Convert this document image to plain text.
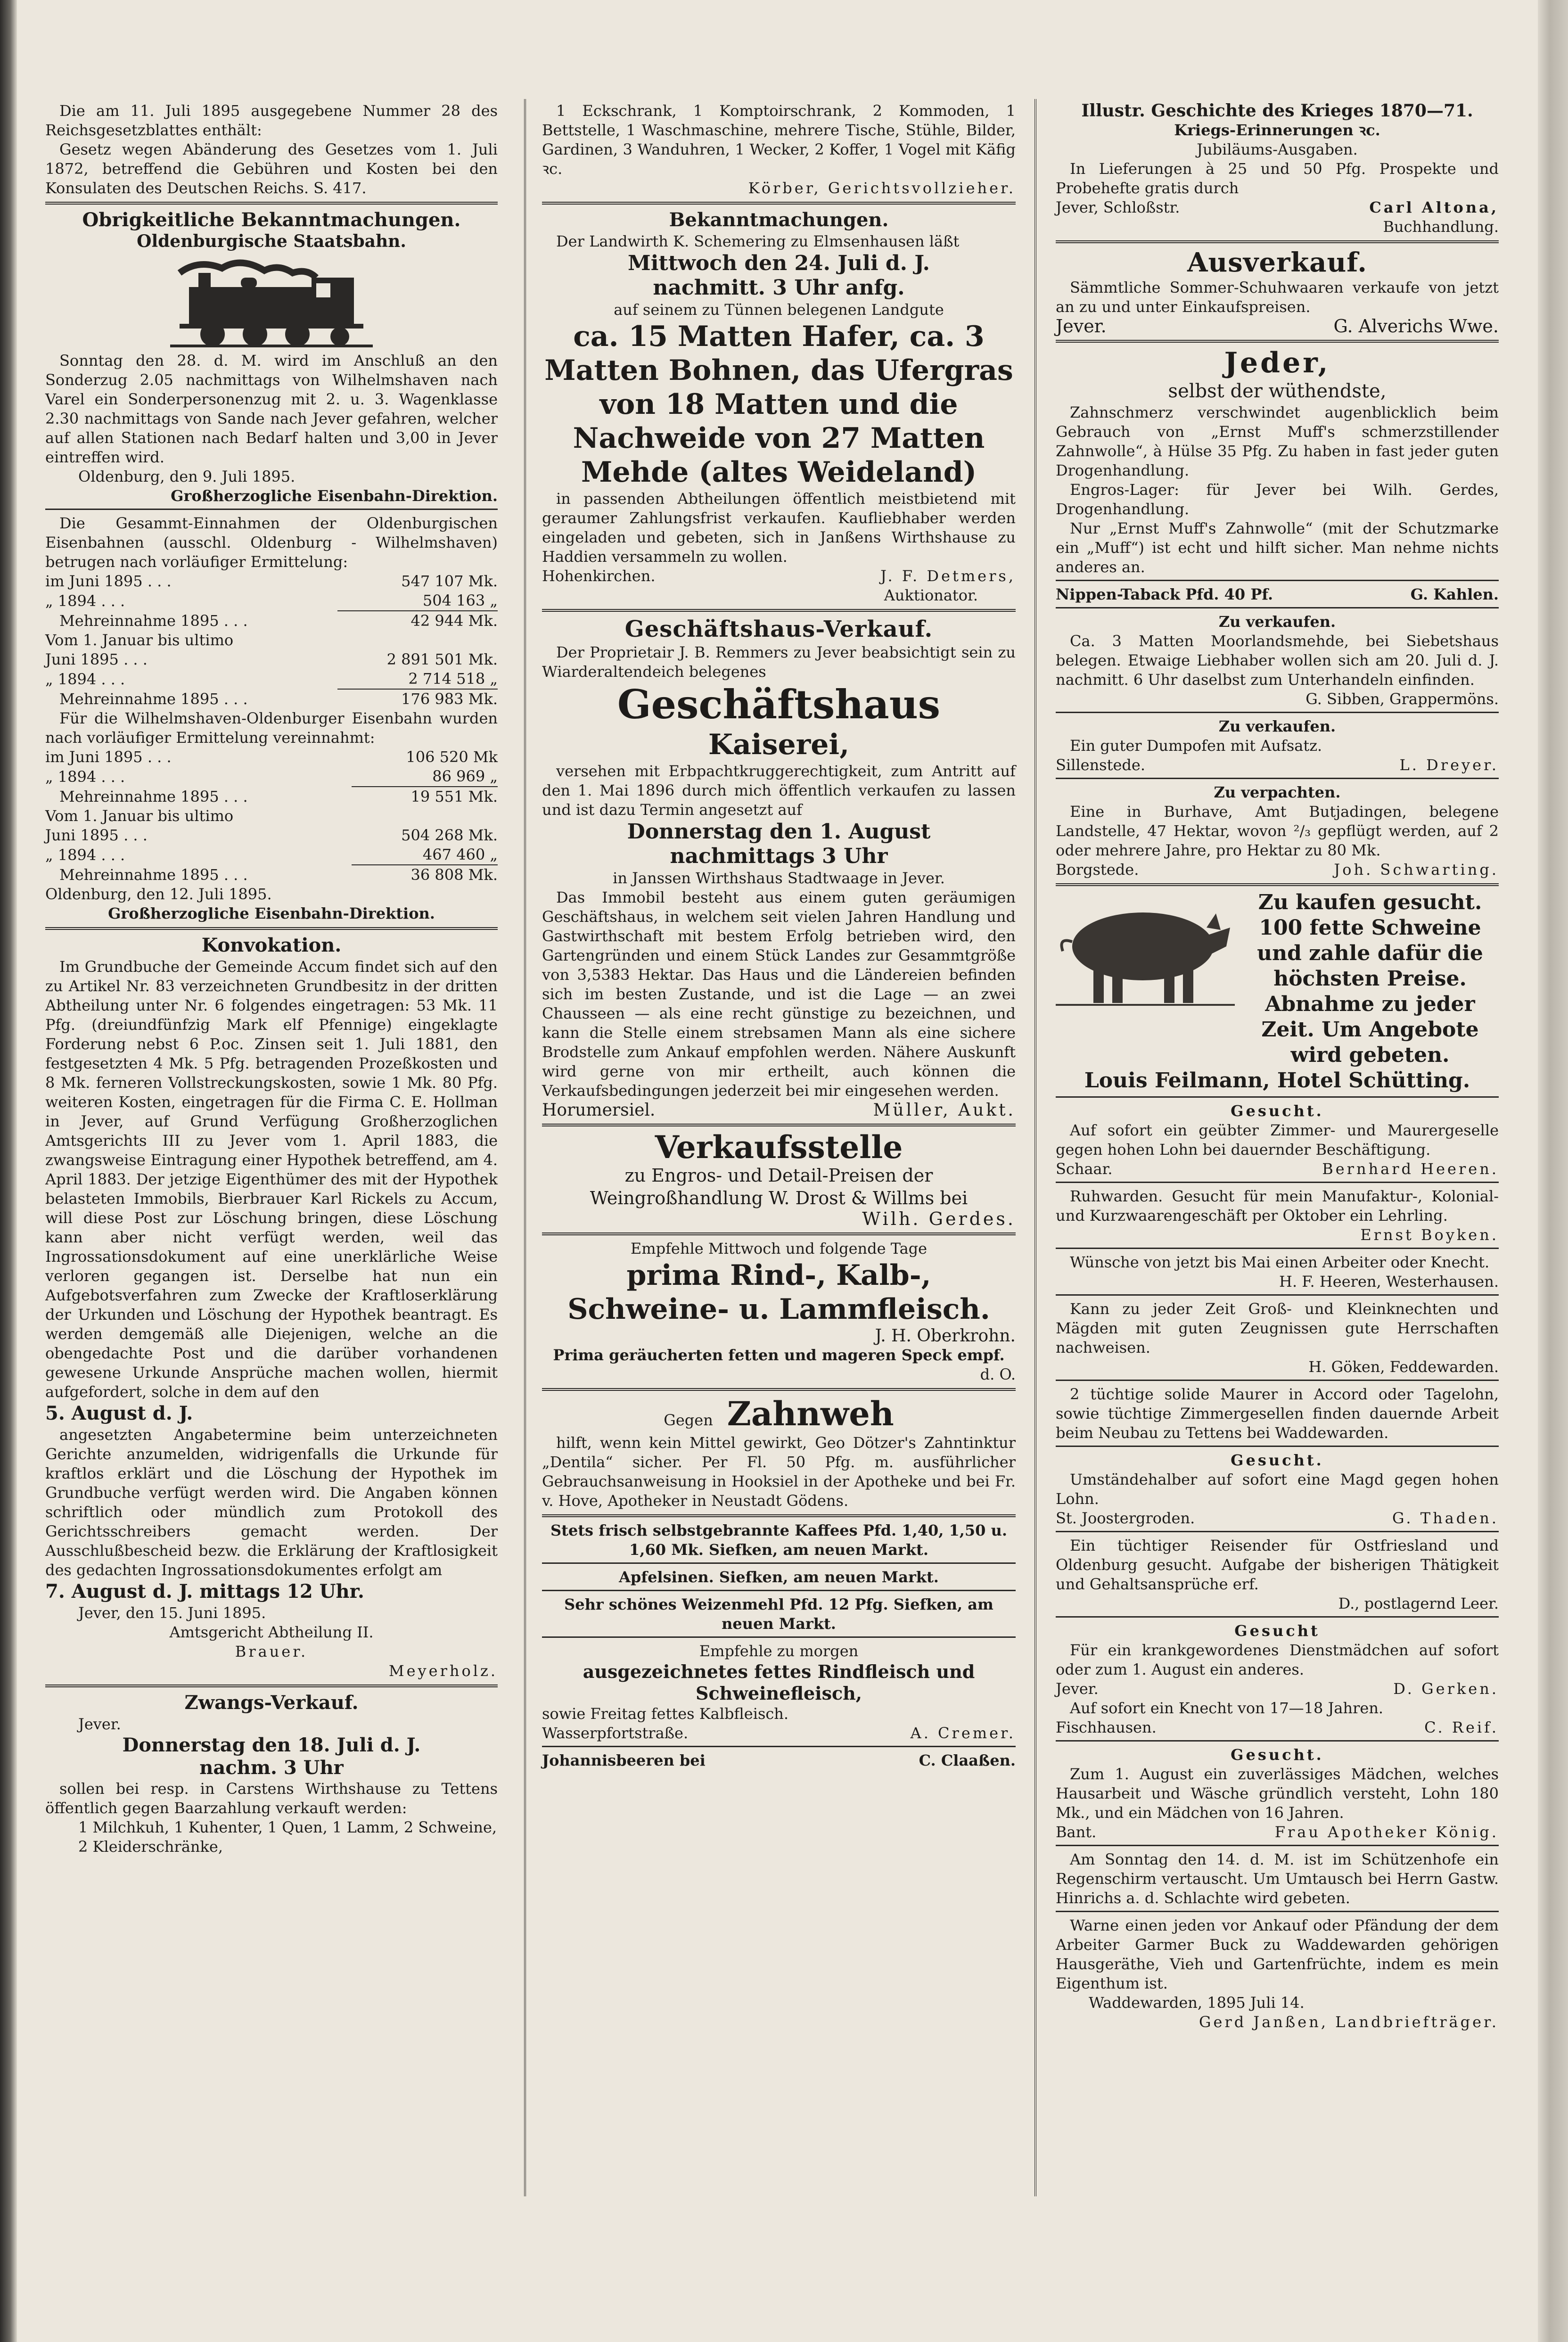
Die am 11. Juli 1895 ausgegebene Nummer 28 des Reichsgesetzblattes enthält:

Gesetz wegen Abänderung des Gesetzes vom 1. Juli 1872, betreffend die Gebühren und Kosten bei den Konsulaten des Deutschen Reichs. S. 417.

Obrigkeitliche Bekanntmachungen.

Oldenburgische Staatsbahn.

Sonntag den 28. d. M. wird im Anschluß an den Sonderzug 2.05 nachmittags von Wilhelmshaven nach Varel ein Sonderpersonenzug mit 2. u. 3. Wagenklasse 2.30 nachmittags von Sande nach Jever gefahren, welcher auf allen Stationen nach Bedarf halten und 3,00 in Jever eintreffen wird.

Oldenburg, den 9. Juli 1895.

Großherzogliche Eisenbahn-Direktion.

Die Gesammt-Einnahmen der Oldenburgischen Eisenbahnen (ausschl. Oldenburg - Wilhelmshaven) betrugen nach vorläufiger Ermittelung:

im Juni 1895 . . .	547 107 Mk.
„ 1894 . . .	504 163 „
Mehreinnahme 1895 . . .	42 944 Mk.
Vom 1. Januar bis ultimo	
Juni 1895 . . .	2 891 501 Mk.
„ 1894 . . .	2 714 518 „
Mehreinnahme 1895 . . .	176 983 Mk.

Für die Wilhelmshaven-Oldenburger Eisenbahn wurden nach vorläufiger Ermittelung vereinnahmt:

im Juni 1895 . . .	106 520 Mk
„ 1894 . . .	86 969 „
Mehreinnahme 1895 . . .	19 551 Mk.
Vom 1. Januar bis ultimo	
Juni 1895 . . .	504 268 Mk.
„ 1894 . . .	467 460 „
Mehreinnahme 1895 . . .	36 808 Mk.

Oldenburg, den 12. Juli 1895.

Großherzogliche Eisenbahn-Direktion.

Konvokation.

Im Grundbuche der Gemeinde Accum findet sich auf den zu Artikel Nr. 83 verzeichneten Grundbesitz in der dritten Abtheilung unter Nr. 6 folgendes eingetragen: 53 Mk. 11 Pfg. (dreiundfünfzig Mark elf Pfennige) eingeklagte Forderung nebst 6 P.oc. Zinsen seit 1. Juli 1881, den festgesetzten 4 Mk. 5 Pfg. betragenden Prozeßkosten und 8 Mk. ferneren Vollstreckungskosten, sowie 1 Mk. 80 Pfg. weiteren Kosten, eingetragen für die Firma C. E. Hollman in Jever, auf Grund Verfügung Großherzoglichen Amtsgerichts III zu Jever vom 1. April 1883, die zwangsweise Eintragung einer Hypothek betreffend, am 4. April 1883. Der jetzige Eigenthümer des mit der Hypothek belasteten Immobils, Bierbrauer Karl Rickels zu Accum, will diese Post zur Löschung bringen, diese Löschung kann aber nicht verfügt werden, weil das Ingrossationsdokument auf eine unerklärliche Weise verloren gegangen ist. Derselbe hat nun ein Aufgebotsverfahren zum Zwecke der Kraftloserklärung der Urkunden und Löschung der Hypothek beantragt. Es werden demgemäß alle Diejenigen, welche an die obengedachte Post und die darüber vorhandenen gewesene Urkunde Ansprüche machen wollen, hiermit aufgefordert, solche in dem auf den

5. August d. J.

angesetzten Angabetermine beim unterzeichneten Gerichte anzumelden, widrigenfalls die Urkunde für kraftlos erklärt und die Löschung der Hypothek im Grundbuche verfügt werden wird. Die Angaben können schriftlich oder mündlich zum Protokoll des Gerichtsschreibers gemacht werden. Der Ausschlußbescheid bezw. die Erklärung der Kraftlosigkeit des gedachten Ingrossationsdokumentes erfolgt am

7. August d. J. mittags 12 Uhr.

Jever, den 15. Juni 1895.

Amtsgericht Abtheilung II.

Brauer.

Meyerholz.

Zwangs-Verkauf.

Jever.

Donnerstag den 18. Juli d. J.

nachm. 3 Uhr

sollen bei resp. in Carstens Wirthshause zu Tettens öffentlich gegen Baarzahlung verkauft werden:

1 Milchkuh, 1 Kuhenter, 1 Quen, 1 Lamm, 2 Schweine, 2 Kleiderschränke,

1 Eckschrank, 1 Komptoirschrank, 2 Kommoden, 1 Bettstelle, 1 Waschmaschine, mehrere Tische, Stühle, Bilder, Gardinen, 3 Wanduhren, 1 Wecker, 2 Koffer, 1 Vogel mit Käfig ꝛc.

Körber, Gerichtsvollzieher.

Bekanntmachungen.

Der Landwirth K. Schemering zu Elmsenhausen läßt

Mittwoch den 24. Juli d. J.

nachmitt. 3 Uhr anfg.

auf seinem zu Tünnen belegenen Landgute

ca. 15 Matten Hafer, ca. 3 Matten Bohnen, das Ufergras von 18 Matten und die Nachweide von 27 Matten Mehde (altes Weideland)

in passenden Abtheilungen öffentlich meistbietend mit geraumer Zahlungsfrist verkaufen. Kaufliebhaber werden eingeladen und gebeten, sich in Janßens Wirthshause zu Haddien versammeln zu wollen.

Hohenkirchen.	J. F. Detmers,

Auktionator.

Geschäftshaus-Verkauf.

Der Proprietair J. B. Remmers zu Jever beabsichtigt sein zu Wiarderaltendeich belegenes

Geschäftshaus

Kaiserei,

versehen mit Erbpachtkruggerechtigkeit, zum Antritt auf den 1. Mai 1896 durch mich öffentlich verkaufen zu lassen und ist dazu Termin angesetzt auf

Donnerstag den 1. August

nachmittags 3 Uhr

in Janssen Wirthshaus Stadtwaage in Jever.

Das Immobil besteht aus einem guten geräumigen Geschäftshaus, in welchem seit vielen Jahren Handlung und Gastwirthschaft mit bestem Erfolg betrieben wird, den Gartengründen und einem Stück Landes zur Gesammtgröße von 3,5383 Hektar. Das Haus und die Ländereien befinden sich im besten Zustande, und ist die Lage — an zwei Chausseen — als eine recht günstige zu bezeichnen, und kann die Stelle einem strebsamen Mann als eine sichere Brodstelle zum Ankauf empfohlen werden. Nähere Auskunft wird gerne von mir ertheilt, auch können die Verkaufsbedingungen jederzeit bei mir eingesehen werden.

Horumersiel.	Müller, Aukt.

Verkaufsstelle

zu Engros- und Detail-Preisen der Weingroßhandlung W. Drost & Willms bei

Wilh. Gerdes.

Empfehle Mittwoch und folgende Tage

prima Rind-, Kalb-, Schweine- u. Lammfleisch.

J. H. Oberkrohn.

Prima geräucherten fetten und mageren Speck empf.

d. O.

Gegen Zahnweh

hilft, wenn kein Mittel gewirkt, Geo Dötzer's Zahntinktur „Dentila“ sicher. Per Fl. 50 Pfg. m. ausführlicher Gebrauchsanweisung in Hooksiel in der Apotheke und bei Fr. v. Hove, Apotheker in Neustadt Gödens.

Stets frisch selbstgebrannte Kaffees Pfd. 1,40, 1,50 u. 1,60 Mk. Siefken, am neuen Markt.

Apfelsinen. Siefken, am neuen Markt.

Sehr schönes Weizenmehl Pfd. 12 Pfg. Siefken, am neuen Markt.

Empfehle zu morgen

ausgezeichnetes fettes Rindfleisch und Schweinefleisch,

sowie Freitag fettes Kalbfleisch.

Wasserpfortstraße.	A. Cremer.
Johannisbeeren bei	C. Claaßen.

Illustr. Geschichte des Krieges 1870—71.

Kriegs-Erinnerungen ꝛc.

Jubiläums-Ausgaben.

In Lieferungen à 25 und 50 Pfg. Prospekte und Probehefte gratis durch

Jever, Schloßstr.	Carl Altona,

Buchhandlung.

Ausverkauf.

Sämmtliche Sommer-Schuhwaaren verkaufe von jetzt an zu und unter Einkaufspreisen.

Jever.	G. Alverichs Wwe.

Jeder,

selbst der wüthendste,

Zahnschmerz verschwindet augenblicklich beim Gebrauch von „Ernst Muff's schmerzstillender Zahnwolle“, à Hülse 35 Pfg. Zu haben in fast jeder guten Drogenhandlung.

Engros-Lager: für Jever bei Wilh. Gerdes, Drogenhandlung.

Nur „Ernst Muff's Zahnwolle“ (mit der Schutzmarke ein „Muff“) ist echt und hilft sicher. Man nehme nichts anderes an.

Nippen-Taback Pfd. 40 Pf.	G. Kahlen.

Zu verkaufen.

Ca. 3 Matten Moorlandsmehde, bei Siebetshaus belegen. Etwaige Liebhaber wollen sich am 20. Juli d. J. nachmitt. 6 Uhr daselbst zum Unterhandeln einfinden.

G. Sibben, Grappermöns.

Zu verkaufen.

Ein guter Dumpofen mit Aufsatz.

Sillenstede.	L. Dreyer.

Zu verpachten.

Eine in Burhave, Amt Butjadingen, belegene Landstelle, 47 Hektar, wovon ²/₃ gepflügt werden, auf 2 oder mehrere Jahre, pro Hektar zu 80 Mk.

Borgstede.	Joh. Schwarting.

Zu kaufen gesucht.

100 fette Schweine und zahle dafür die höchsten Preise. Abnahme zu jeder Zeit. Um Angebote wird gebeten.

Louis Feilmann, Hotel Schütting.

Gesucht.

Auf sofort ein geübter Zimmer- und Maurergeselle gegen hohen Lohn bei dauernder Beschäftigung.

Schaar.	Bernhard Heeren.

Ruhwarden. Gesucht für mein Manufaktur-, Kolonial- und Kurzwaarengeschäft per Oktober ein Lehrling.

Ernst Boyken.

Wünsche von jetzt bis Mai einen Arbeiter oder Knecht.

H. F. Heeren, Westerhausen.

Kann zu jeder Zeit Groß- und Kleinknechten und Mägden mit guten Zeugnissen gute Herrschaften nachweisen.

H. Göken, Feddewarden.

2 tüchtige solide Maurer in Accord oder Tagelohn, sowie tüchtige Zimmergesellen finden dauernde Arbeit beim Neubau zu Tettens bei Waddewarden.

Gesucht.

Umständehalber auf sofort eine Magd gegen hohen Lohn.

St. Joostergroden.	G. Thaden.

Ein tüchtiger Reisender für Ostfriesland und Oldenburg gesucht. Aufgabe der bisherigen Thätigkeit und Gehaltsansprüche erf.

D., postlagernd Leer.

Gesucht

Für ein krankgewordenes Dienstmädchen auf sofort oder zum 1. August ein anderes.

Jever.	D. Gerken.

Auf sofort ein Knecht von 17—18 Jahren.

Fischhausen.	C. Reif.

Gesucht.

Zum 1. August ein zuverlässiges Mädchen, welches Hausarbeit und Wäsche gründlich versteht, Lohn 180 Mk., und ein Mädchen von 16 Jahren.

Bant.	Frau Apotheker König.

Am Sonntag den 14. d. M. ist im Schützenhofe ein Regenschirm vertauscht. Um Umtausch bei Herrn Gastw. Hinrichs a. d. Schlachte wird gebeten.

Warne einen jeden vor Ankauf oder Pfändung der dem Arbeiter Garmer Buck zu Waddewarden gehörigen Hausgeräthe, Vieh und Gartenfrüchte, indem es mein Eigenthum ist.

Waddewarden, 1895 Juli 14.

Gerd Janßen, Landbriefträger.
